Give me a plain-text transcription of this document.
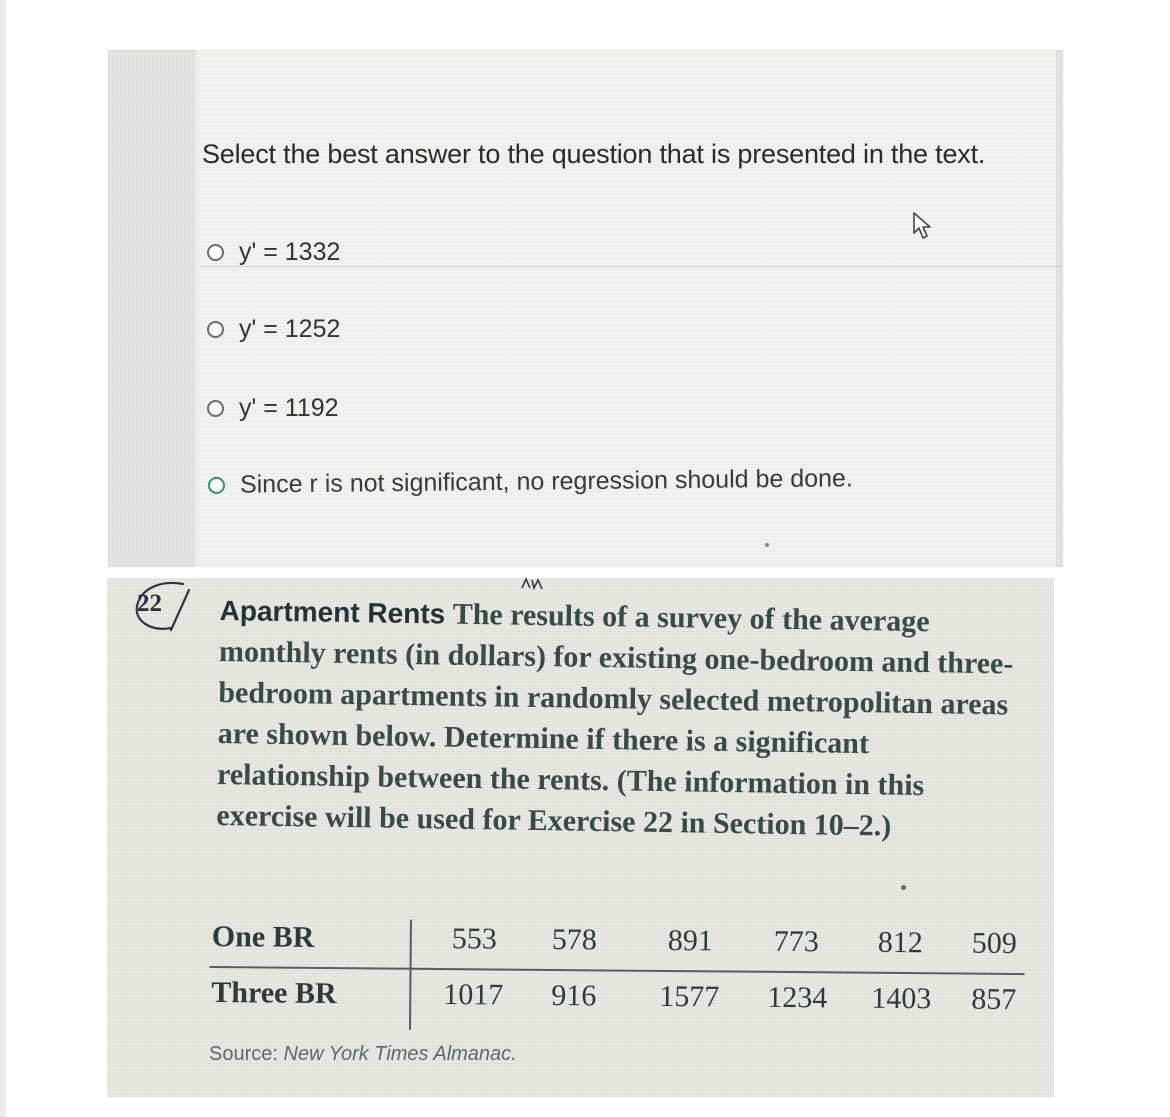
Select the best answer to the question that is presented in the text.
y' = 1332
y' = 1252
y' = 1192
Since r is not significant, no regression should be done.
22 Apartment Rents The results of a survey of the average monthly rents (in dollars) for existing one-bedroom and three-bedroom apartments in randomly selected metropolitan areas are shown below. Determine if there is a significant relationship between the rents. (The information in this exercise will be used for Exercise 22 in Section 10–2.)
One BR	553 578 891 773 812 509
Three BR	1017 916 1577 1234 1403 857
Source: New York Times Almanac.
